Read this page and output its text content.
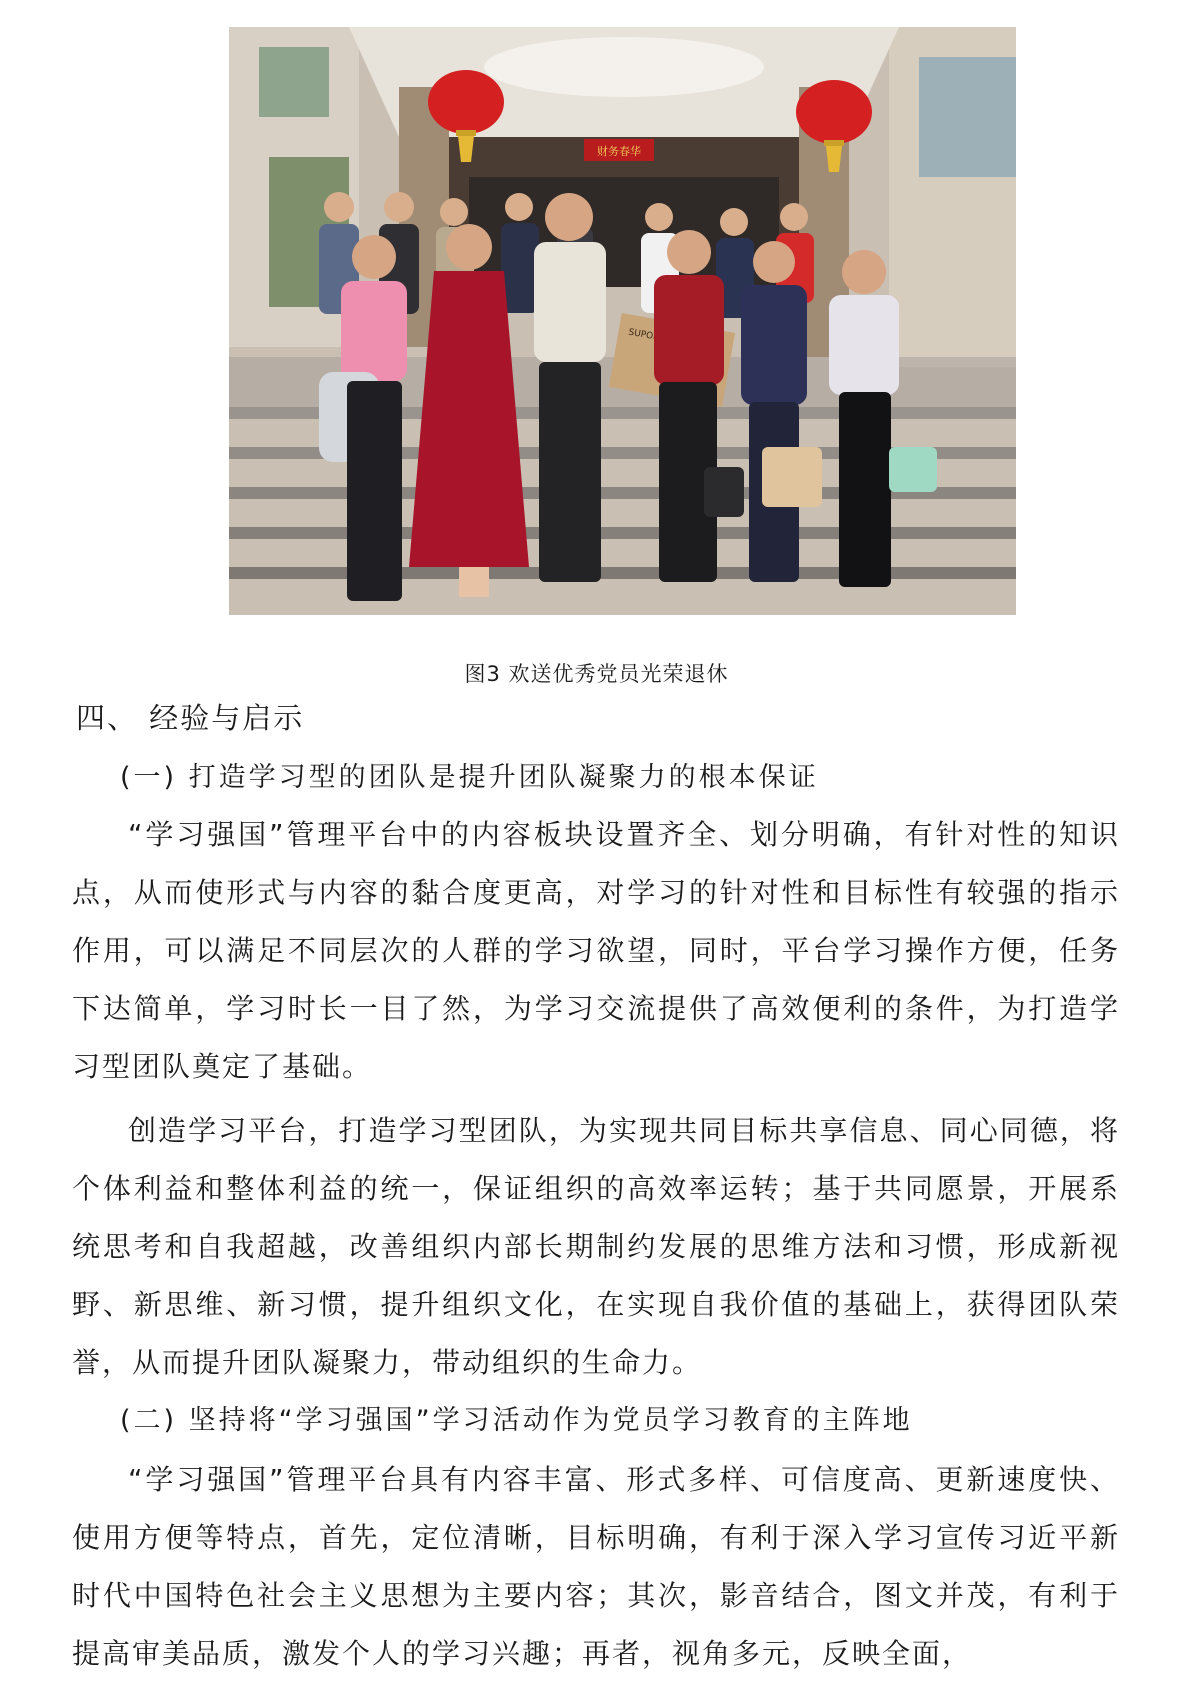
财务春华
SUPOR
图3 欢送优秀党员光荣退休
四、 经验与启示
(一) 打造学习型的团队是提升团队凝聚力的根本保证

“学习强国”管理平台中的内容板块设置齐全、划分明确，有针对性的知识点，从而使形式与内容的黏合度更高，对学习的针对性和目标性有较强的指示作用，可以满足不同层次的人群的学习欲望，同时，平台学习操作方便，任务下达简单，学习时长一目了然，为学习交流提供了高效便利的条件，为打造学习型团队奠定了基础。

创造学习平台，打造学习型团队，为实现共同目标共享信息、同心同德，将个体利益和整体利益的统一，保证组织的高效率运转；基于共同愿景，开展系统思考和自我超越，改善组织内部长期制约发展的思维方法和习惯，形成新视野、新思维、新习惯，提升组织文化，在实现自我价值的基础上，获得团队荣誉，从而提升团队凝聚力，带动组织的生命力。

(二) 坚持将“学习强国”学习活动作为党员学习教育的主阵地

“学习强国”管理平台具有内容丰富、形式多样、可信度高、更新速度快、使用方便等特点，首先，定位清晰，目标明确，有利于深入学习宣传习近平新时代中国特色社会主义思想为主要内容；其次，影音结合，图文并茂，有利于提高审美品质，激发个人的学习兴趣；再者，视角多元，反映全面，
